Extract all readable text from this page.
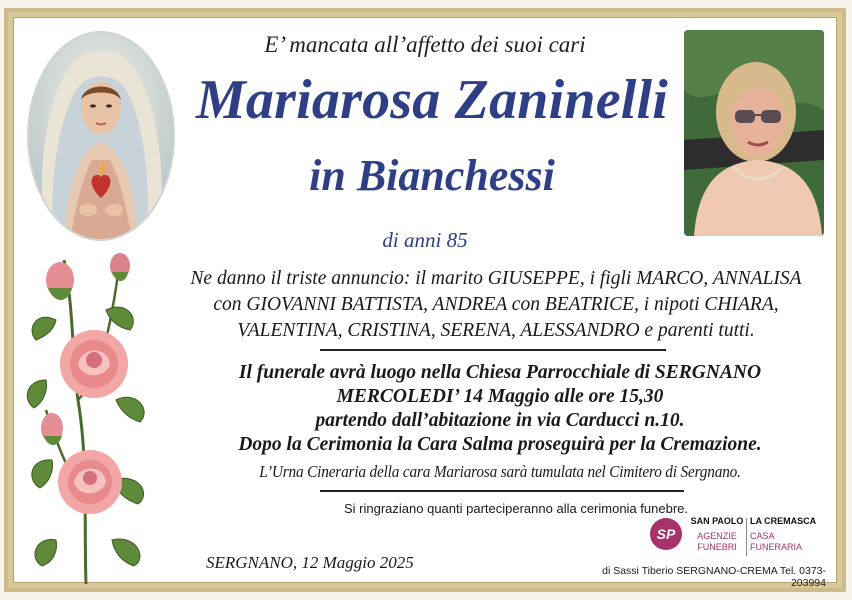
E’ mancata all’affetto dei suoi cari
Mariarosa Zaninelli
in Bianchessi
di anni 85
Ne danno il triste annuncio: il marito GIUSEPPE, i figli MARCO, ANNALISA
con GIOVANNI BATTISTA, ANDREA con BEATRICE, i nipoti CHIARA,
VALENTINA, CRISTINA, SERENA, ALESSANDRO e parenti tutti.
Il funerale avrà luogo nella Chiesa Parrocchiale di SERGNANO
MERCOLEDI’ 14 Maggio alle ore 15,30
partendo dall’abitazione in via Carducci n.10.
Dopo la Cerimonia la Cara Salma proseguirà per la Cremazione.
L’Urna Cineraria della cara Mariarosa sarà tumulata nel Cimitero di Sergnano.
Si ringraziano quanti parteciperanno alla cerimonia funebre.
SERGNANO, 12 Maggio 2025
SP
SAN PAOLO
AGENZIE
FUNEBRI
LA CREMASCA
CASA
FUNERARIA
di Sassi Tiberio SERGNANO-CREMA Tel. 0373-203994
